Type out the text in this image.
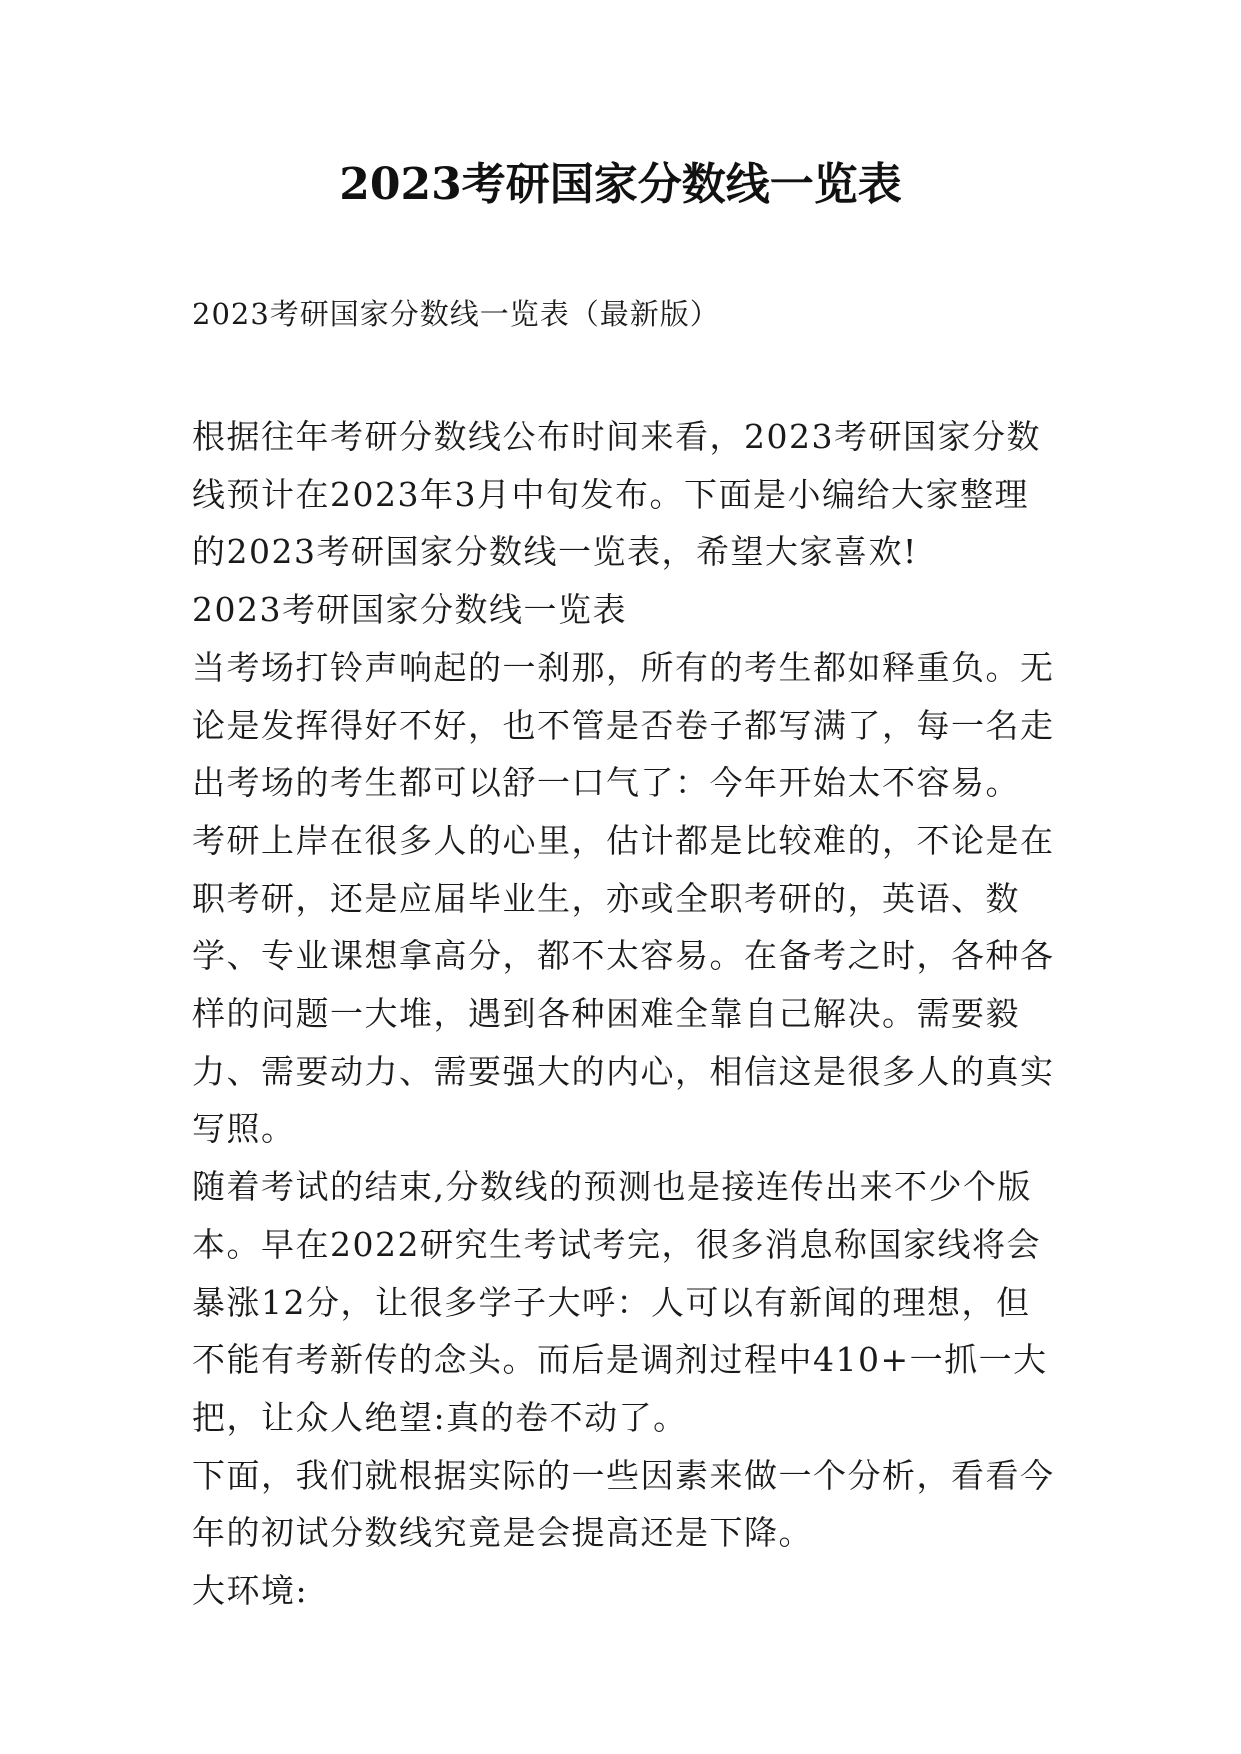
2023考研国家分数线一览表

2023考研国家分数线一览表（最新版）

根据往年考研分数线公布时间来看，2023考研国家分数线预计在2023年3月中旬发布。下面是小编给大家整理的2023考研国家分数线一览表，希望大家喜欢!

2023考研国家分数线一览表

当考场打铃声响起的一刹那，所有的考生都如释重负。无论是发挥得好不好，也不管是否卷子都写满了，每一名走出考场的考生都可以舒一口气了：今年开始太不容易。

考研上岸在很多人的心里，估计都是比较难的，不论是在职考研，还是应届毕业生，亦或全职考研的，英语、数学、专业课想拿高分，都不太容易。在备考之时，各种各样的问题一大堆，遇到各种困难全靠自己解决。需要毅力、需要动力、需要强大的内心，相信这是很多人的真实写照。

随着考试的结束,分数线的预测也是接连传出来不少个版本。早在2022研究生考试考完，很多消息称国家线将会暴涨12分，让很多学子大呼：人可以有新闻的理想，但不能有考新传的念头。而后是调剂过程中410+一抓一大把，让众人绝望:真的卷不动了。

下面，我们就根据实际的一些因素来做一个分析，看看今年的初试分数线究竟是会提高还是下降。

大环境:
